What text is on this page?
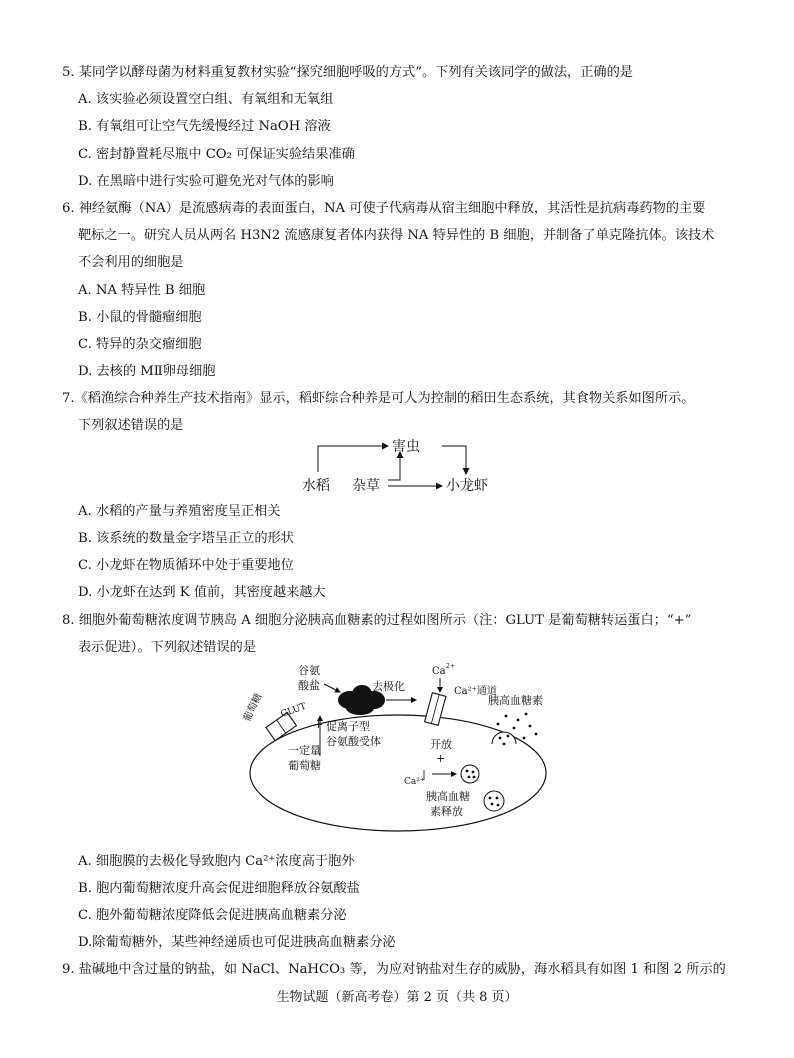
5. 某同学以酵母菌为材料重复教材实验“探究细胞呼吸的方式”。下列有关该同学的做法，正确的是
A. 该实验必须设置空白组、有氧组和无氧组
B. 有氧组可让空气先缓慢经过 NaOH 溶液
C. 密封静置耗尽瓶中 CO₂ 可保证实验结果准确
D. 在黑暗中进行实验可避免光对气体的影响
6. 神经氨酶（NA）是流感病毒的表面蛋白，NA 可使子代病毒从宿主细胞中释放，其活性是抗病毒药物的主要
靶标之一。研究人员从两名 H3N2 流感康复者体内获得 NA 特异性的 B 细胞，并制备了单克隆抗体。该技术
不会利用的细胞是
A. NA 特异性 B 细胞
B. 小鼠的骨髓瘤细胞
C. 特异的杂交瘤细胞
D. 去核的 MⅡ卵母细胞
7.《稻渔综合种养生产技术指南》显示，稻虾综合种养是可人为控制的稻田生态系统，其食物关系如图所示。
下列叙述错误的是
害虫
水稻 杂草	小龙虾
A. 水稻的产量与养殖密度呈正相关
B. 该系统的数量金字塔呈正立的形状
C. 小龙虾在物质循环中处于重要地位
D. 小龙虾在达到 K 值前，其密度越来越大
8. 细胞外葡萄糖浓度调节胰岛 A 细胞分泌胰高血糖素的过程如图所示（注：GLUT 是葡萄糖转运蛋白；“+”
表示促进）。下列叙述错误的是
葡萄糖 GLUT
谷氨
酸盐
+ 促离子型
谷氨酸受体
一定量
葡萄糖
去极化
Ca 2+
Ca²⁺通道
开放
+
Ca²⁺
胰高血糖素
胰高血糖
素释放
A. 细胞膜的去极化导致胞内 Ca²⁺浓度高于胞外
B. 胞内葡萄糖浓度升高会促进细胞释放谷氨酸盐
C. 胞外葡萄糖浓度降低会促进胰高血糖素分泌
D.除葡萄糖外，某些神经递质也可促进胰高血糖素分泌
9. 盐碱地中含过量的钠盐，如 NaCl、NaHCO₃ 等，为应对钠盐对生存的威胁，海水稻具有如图 1 和图 2 所示的
生物试题（新高考卷）第 2 页（共 8 页）
